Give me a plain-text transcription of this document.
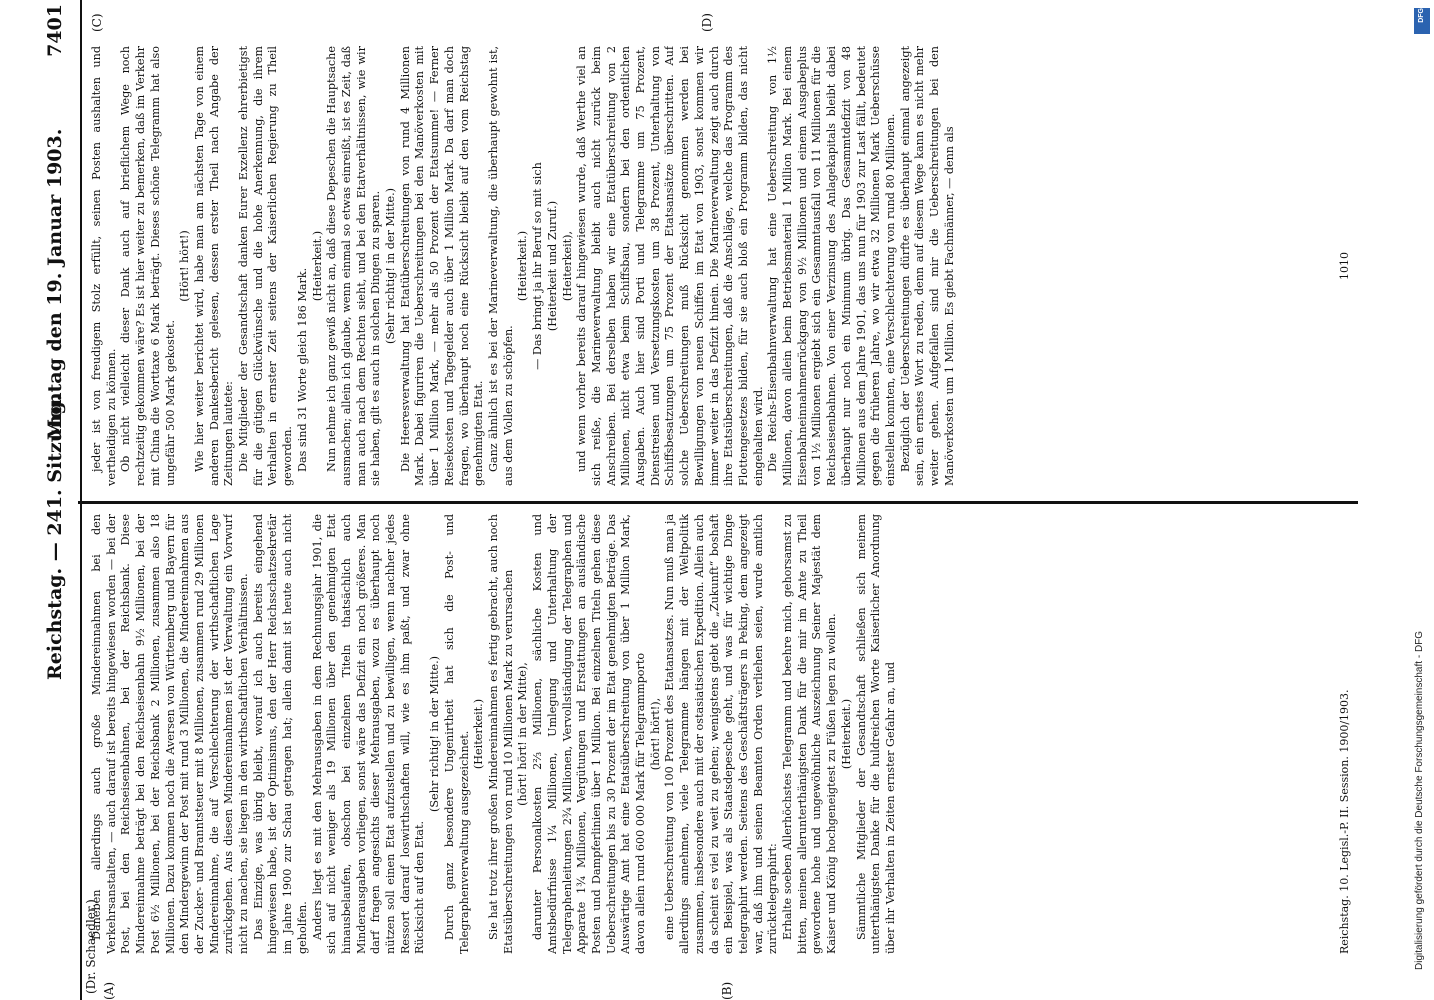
Reichstag. — 241. Sitzung.
Montag den 19. Januar 1903.
7401
(Dr. Schaedler.) (A)	(B)
(C)	(D)

Daneben allerdings auch große Mindereinnahmen bei den Verkehrsanstalten, — auch darauf ist bereits hingewiesen worden — bei der Post, bei den Reichseisenbahnen, bei der Reichsbank. Diese Mindereinnahme beträgt bei den Reichseisenbahn 9½ Millionen, bei der Post 6½ Millionen, bei der Reichsbank 2 Millionen, zusammen also 18 Millionen. Dazu kommen noch die Aversen von Württemberg und Bayern für den Mindergewinn der Post mit rund 3 Millionen, die Mindereinnahmen aus der Zucker- und Branntsteuer mit 8 Millionen, zusammen rund 29 Millionen Mindereinnahme, die auf Verschlechterung der wirthschaftlichen Lage zurückgehen. Aus diesen Mindereinnahmen ist der Verwaltung ein Vorwurf nicht zu machen, sie liegen in den wirthschaftlichen Verhältnissen. Das Einzige, was übrig bleibt, worauf ich auch bereits eingehend hingewiesen habe, ist der Optimismus, den der Herr Reichsschatzsekretär im Jahre 1900 zur Schau getragen hat; allein damit ist heute auch nicht geholfen. Anders liegt es mit den Mehrausgaben in dem Rechnungsjahr 1901, die sich auf nicht weniger als 19 Millionen über den genehmigten Etat hinausbelaufen, obschon bei einzelnen Titeln thatsächlich auch Minderausgaben vorliegen, sonst wäre das Defizit ein noch größeres. Man darf fragen angesichts dieser Mehrausgaben, wozu es überhaupt noch nützen soll einen Etat aufzustellen und zu bewilligen, wenn nachher jedes Ressort darauf loswirthschaften will, wie es ihm paßt, und zwar ohne Rücksicht auf den Etat.

(Sehr richtig! in der Mitte.) Durch ganz besondere Ungenirtheit hat sich die Post- und Telegraphenverwaltung ausgezeichnet. (Heiterkeit.) Sie hat trotz ihrer großen Mindereinnahmen es fertig gebracht, auch noch Etatsüberschreitungen von rund 10 Millionen Mark zu verursachen (hört! hört! in der Mitte), darunter Personalkosten 2⅔ Millionen, sächliche Kosten und Amtsbedürfnisse 1¼ Millionen, Umlegung und Unterhaltung der Telegraphenleitungen 2¾ Millionen, Vervollständigung der Telegraphen und Apparate 1¾ Millionen, Vergütungen und Erstattungen an ausländische Posten und Dampferlinien über 1 Million. Bei einzelnen Titeln gehen diese Ueberschreitungen bis zu 30 Prozent der im Etat genehmigten Beträge. Das Auswärtige Amt hat eine Etatsüberschreitung von über 1 Million Mark, davon allein rund 600 000 Mark für Telegrammporto (hört! hört!), eine Ueberschreitung von 100 Prozent des Etatansatzes. Nun muß man ja allerdings annehmen, viele Telegramme hängen mit der Weltpolitik zusammen, insbesondere auch mit der ostasiatischen Expedition. Allein auch da scheint es viel zu weit zu gehen; wenigstens giebt die „Zukunft“ boshaft ein Beispiel, was als Staatsdepesche geht, und was für wichtige Dinge telegraphirt werden. Seitens des Geschäftsträgers in Peking, dem angezeigt war, daß ihm und seinen Beamten Orden verliehen seien, wurde amtlich zurücktelegraphirt: Erhalte soeben Allerhöchstes Telegramm und beehre mich, gehorsamst zu bitten, meinen allerunterthänigsten Dank für die mir im Amte zu Theil gewordene hohe und ungewöhnliche Auszeichnung Seiner Majestät dem Kaiser und König hochgeneigtest zu Füßen legen zu wollen. (Heiterkeit.) Sämmtliche Mitglieder der Gesandtschaft schließen sich meinem unterthänigsten Danke für die huldreichen Worte Kaiserlicher Anordnung über ihr Verhalten in Zeiten ernster Gefahr an, und

jeder ist von freudigem Stolz erfüllt, seinen Posten aushalten und vertheidigen zu können. Ob nicht vielleicht dieser Dank auch auf brieflichem Wege noch rechtzeitig gekommen wäre? Es ist hier weiter zu bemerken, daß im Verkehr mit China die Worttaxe 6 Mark beträgt. Dieses schöne Telegramm hat also ungefähr 500 Mark gekostet.

(Hört! hört!) Wie hier weiter berichtet wird, habe man am nächsten Tage von einem anderen Dankesbericht gelesen, dessen erster Theil nach Angabe der Zeitungen lautete: Die Mitglieder der Gesandtschaft danken Eurer Exzellenz ehrerbietigst für die gütigen Glückwünsche und die hohe Anerkennung, die ihrem Verhalten in ernster Zeit seitens der Kaiserlichen Regierung zu Theil geworden. Das sind 31 Worte gleich 186 Mark.

(Heiterkeit.) Nun nehme ich ganz gewiß nicht an, daß diese Depeschen die Hauptsache ausmachen; allein ich glaube, wenn einmal so etwas einreißt, ist es Zeit, daß man auch nach dem Rechten sieht, und bei den Etatverhältnissen, wie wir sie haben, gilt es auch in solchen Dingen zu sparen. (Sehr richtig! in der Mitte.) Die Heeresverwaltung hat Etatüberschreitungen von rund 4 Millionen Mark. Dabei figuriren die Ueberschreitungen bei den Manöverkosten mit über 1 Million Mark, — mehr als 50 Prozent der Etatsumme! — Ferner Reisekosten und Tagegelder auch über 1 Million Mark. Da darf man doch fragen, wo überhaupt noch eine Rücksicht bleibt auf den vom Reichstag genehmigten Etat. Ganz ähnlich ist es bei der Marineverwaltung, die überhaupt gewohnt ist, aus dem Vollen zu schöpfen.

(Heiterkeit.) — Das bringt ja ihr Beruf so mit sich (Heiterkeit und Zuruf.) (Heiterkeit), und wenn vorher bereits darauf hingewiesen wurde, daß Werthe viel an sich reiße, die Marineverwaltung bleibt auch nicht zurück beim Anschreiben. Bei derselben haben wir eine Etatüberschreitung von 2 Millionen, nicht etwa beim Schiffsbau, sondern bei den ordentlichen Ausgaben. Auch hier sind Porti und Telegramme um 75 Prozent, Dienstreisen und Versetzungskosten um 38 Prozent, Unterhaltung von Schiffsbesatzungen um 75 Prozent der Etatsansätze überschritten. Auf solche Ueberschreitungen muß Rücksicht genommen werden bei Bewilligungen von neuen Schiffen im Etat von 1903, sonst kommen wir immer weiter in das Defizit hinein. Die Marineverwaltung zeigt auch durch ihre Etatsüberschreitungen, daß die Anschläge, welche das Programm des Flottengesetzes bilden, für sie auch bloß ein Programm bilden, das nicht eingehalten wird. Die Reichs-Eisenbahnverwaltung hat eine Ueberschreitung von 1½ Millionen, davon allein beim Betriebsmaterial 1 Million Mark. Bei einem Eisenbahneinnahmenrückgang von 9½ Millionen und einem Ausgabeplus von 1½ Millionen ergiebt sich ein Gesammtausfall von 11 Millionen für die Reichseisenbahnen. Von einer Verzinsung des Anlagekapitals bleibt dabei überhaupt nur noch ein Minimum übrig. Das Gesammtdefizit von 48 Millionen aus dem Jahre 1901, das uns nun für 1903 zur Last fällt, bedeutet gegen die früheren Jahre, wo wir etwa 32 Millionen Mark Ueberschüsse einstellen konnten, eine Verschlechterung von rund 80 Millionen. Bezüglich der Ueberschreitungen dürfte es überhaupt einmal angezeigt sein, ein ernstes Wort zu reden, denn auf diesem Wege kann es nicht mehr weiter gehen. Aufgefallen sind mir die Ueberschreitungen bei den Manöverkosten um 1 Million. Es giebt Fachmänner, — denn als

Reichstag. 10. Legisl.-P. II. Session. 1900/1903.
1010
DFG
Digitalisierung gefördert durch die Deutsche Forschungsgemeinschaft - DFG
